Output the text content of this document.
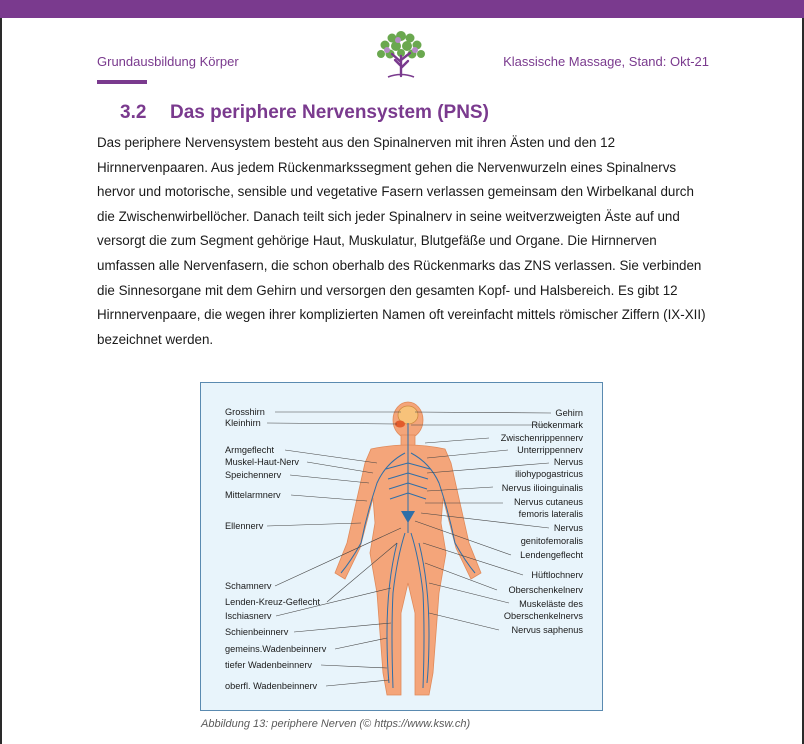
Grundausbildung Körper	Klassische Massage, Stand: Okt-21
3.2 Das periphere Nervensystem (PNS)
Das periphere Nervensystem besteht aus den Spinalnerven mit ihren Ästen und den 12 Hirnnervenpaaren. Aus jedem Rückenmarkssegment gehen die Nervenwurzeln eines Spinalnervs hervor und motorische, sensible und vegetative Fasern verlassen gemeinsam den Wirbelkanal durch die Zwischenwirbellöcher. Danach teilt sich jeder Spinalnerv in seine weitverzweigten Äste auf und versorgt die zum Segment gehörige Haut, Muskulatur, Blutgefäße und Organe. Die Hirnnerven umfassen alle Nervenfasern, die schon oberhalb des Rückenmarks das ZNS verlassen. Sie verbinden die Sinnesorgane mit dem Gehirn und versorgen den gesamten Kopf- und Halsbereich. Es gibt 12 Hirnnervenpaare, die wegen ihrer komplizierten Namen oft vereinfacht mittels römischer Ziffern (IX-XII) bezeichnet werden.
Grosshirn
Kleinhirn
Armgeflecht
Muskel-Haut-Nerv
Speichennerv
Mittelarmnerv
Ellennerv
Schamnerv
Lenden-Kreuz-Geflecht
Ischiasnerv
Schienbeinnerv
gemeins.Wadenbeinnerv
tiefer Wadenbeinnerv
oberfl. Wadenbeinnerv
Gehirn
Rückenmark
Zwischenrippennerv
Unterrippennerv
Nervus
iliohypogastricus
Nervus ilioinguinalis
Nervus cutaneus
femoris lateralis
Nervus
genitofemoralis
Lendengeflecht
Hüftlochnerv
Oberschenkelnerv
Muskeläste des
Oberschenkelnervs
Nervus saphenus
Abbildung 13: periphere Nerven (© https://www.ksw.ch)
